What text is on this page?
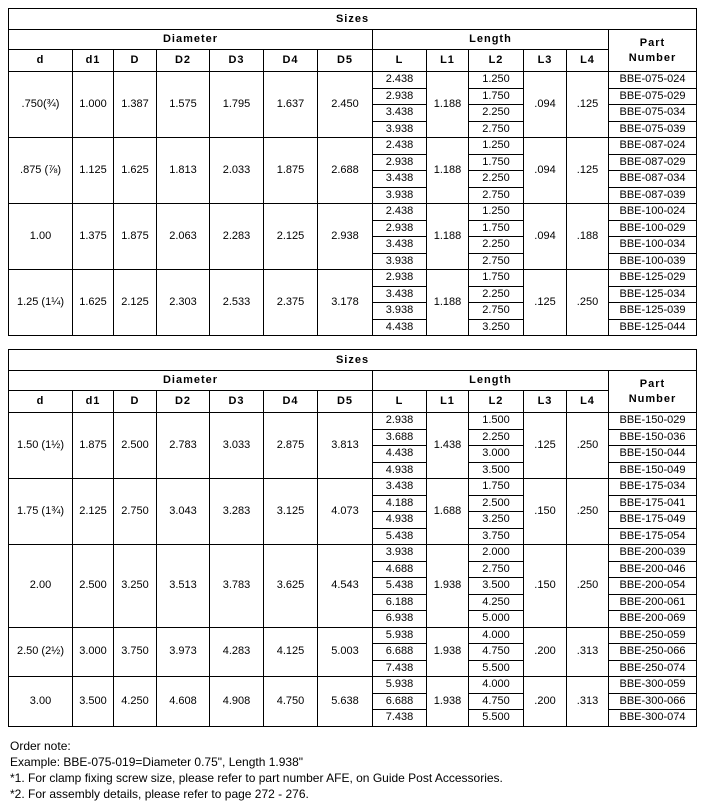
Sizes												
Diameter							Length					Part
Number
d	d1	D	D2	D3	D4	D5	L	L1	L2	L3	L4	
.750(¾)	1.000	1.387	1.575	1.795	1.637	2.450	2.438	1.188	1.250	.094	.125	BBE-075-024
							2.938		1.750			BBE-075-029
							3.438		2.250			BBE-075-034
							3.938		2.750			BBE-075-039
.875 (⅞)	1.125	1.625	1.813	2.033	1.875	2.688	2.438	1.188	1.250	.094	.125	BBE-087-024
							2.938		1.750			BBE-087-029
							3.438		2.250			BBE-087-034
							3.938		2.750			BBE-087-039
1.00	1.375	1.875	2.063	2.283	2.125	2.938	2.438	1.188	1.250	.094	.188	BBE-100-024
							2.938		1.750			BBE-100-029
							3.438		2.250			BBE-100-034
							3.938		2.750			BBE-100-039
1.25 (1¼)	1.625	2.125	2.303	2.533	2.375	3.178	2.938	1.188	1.750	.125	.250	BBE-125-029
							3.438		2.250			BBE-125-034
							3.938		2.750			BBE-125-039
							4.438		3.250			BBE-125-044
Sizes												
Diameter							Length					Part
Number
d	d1	D	D2	D3	D4	D5	L	L1	L2	L3	L4	
1.50 (1½)	1.875	2.500	2.783	3.033	2.875	3.813	2.938	1.438	1.500	.125	.250	BBE-150-029
							3.688		2.250			BBE-150-036
							4.438		3.000			BBE-150-044
							4.938		3.500			BBE-150-049
1.75 (1¾)	2.125	2.750	3.043	3.283	3.125	4.073	3.438	1.688	1.750	.150	.250	BBE-175-034
							4.188		2.500			BBE-175-041
							4.938		3.250			BBE-175-049
							5.438		3.750			BBE-175-054
2.00	2.500	3.250	3.513	3.783	3.625	4.543	3.938	1.938	2.000	.150	.250	BBE-200-039
							4.688		2.750			BBE-200-046
							5.438		3.500			BBE-200-054
							6.188		4.250			BBE-200-061
							6.938		5.000			BBE-200-069
2.50 (2½)	3.000	3.750	3.973	4.283	4.125	5.003	5.938	1.938	4.000	.200	.313	BBE-250-059
							6.688		4.750			BBE-250-066
							7.438		5.500			BBE-250-074
3.00	3.500	4.250	4.608	4.908	4.750	5.638	5.938	1.938	4.000	.200	.313	BBE-300-059
							6.688		4.750			BBE-300-066
							7.438		5.500			BBE-300-074
Order note:
Example: BBE-075-019=Diameter 0.75", Length 1.938"
*1. For clamp fixing screw size, please refer to part number AFE, on Guide Post Accessories.
*2. For assembly details, please refer to page 272 - 276.
